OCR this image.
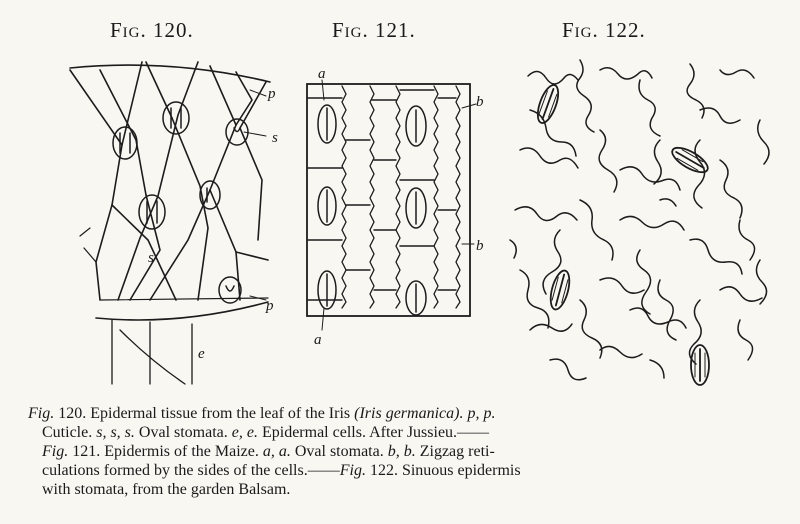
Fig. 120.	Fig. 121.	Fig. 122.
p
s
s
p
e
a
b
b
a
Fig. 120. Epidermal tissue from the leaf of the Iris (Iris germanica). p, p.
Cuticle. s, s, s. Oval stomata. e, e. Epidermal cells. After Jussieu.——
Fig. 121. Epidermis of the Maize. a, a. Oval stomata. b, b. Zigzag reti-
culations formed by the sides of the cells.——Fig. 122. Sinuous epidermis
with stomata, from the garden Balsam.
